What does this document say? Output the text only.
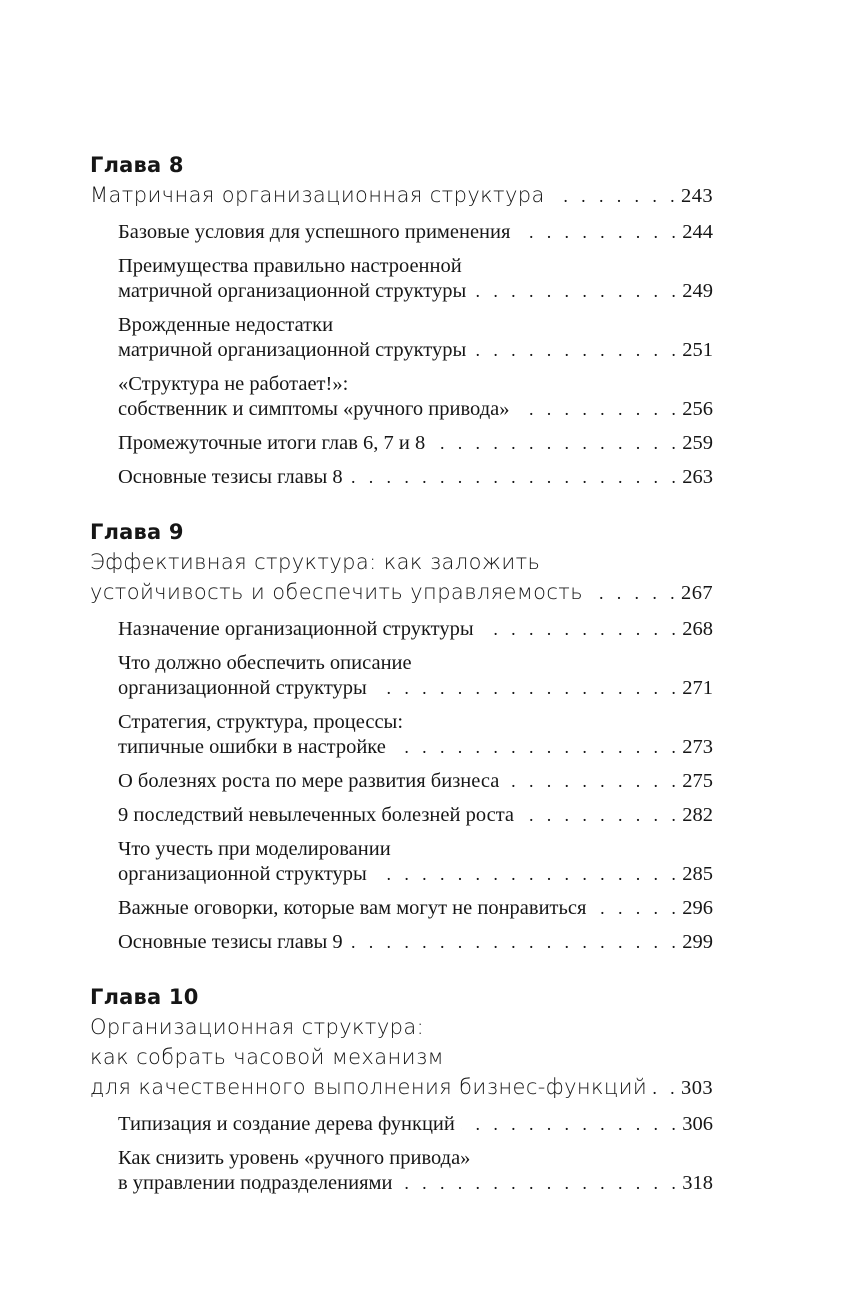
Глава 8
Матричная организационная структура . . .	243
Базовые условия для успешного применения . . .	244
Преимущества правильно настроенной
матричной организационной структуры . . .	249
Врожденные недостатки
матричной организационной структуры . . .	251
«Структура не работает!»:
собственник и симптомы «ручного привода» . . .	256
Промежуточные итоги глав 6, 7 и 8 . . .	259
Основные тезисы главы 8 . . .	263
Глава 9
Эффективная структура: как заложить
устойчивость и обеспечить управляемость . . .	267
Назначение организационной структуры . . .	268
Что должно обеспечить описание
организационной структуры . . .	271
Стратегия, структура, процессы:
типичные ошибки в настройке . . .	273
О болезнях роста по мере развития бизнеса . . .	275
9 последствий невылеченных болезней роста . . .	282
Что учесть при моделировании
организационной структуры . . .	285
Важные оговорки, которые вам могут не понравиться . . .	296
Основные тезисы главы 9 . . .	299
Глава 10
Организационная структура:
как собрать часовой механизм
для качественного выполнения бизнес-функций . . . 303
Типизация и создание дерева функций . . .	306
Как снизить уровень «ручного привода»
в управлении подразделениями . . .	318
